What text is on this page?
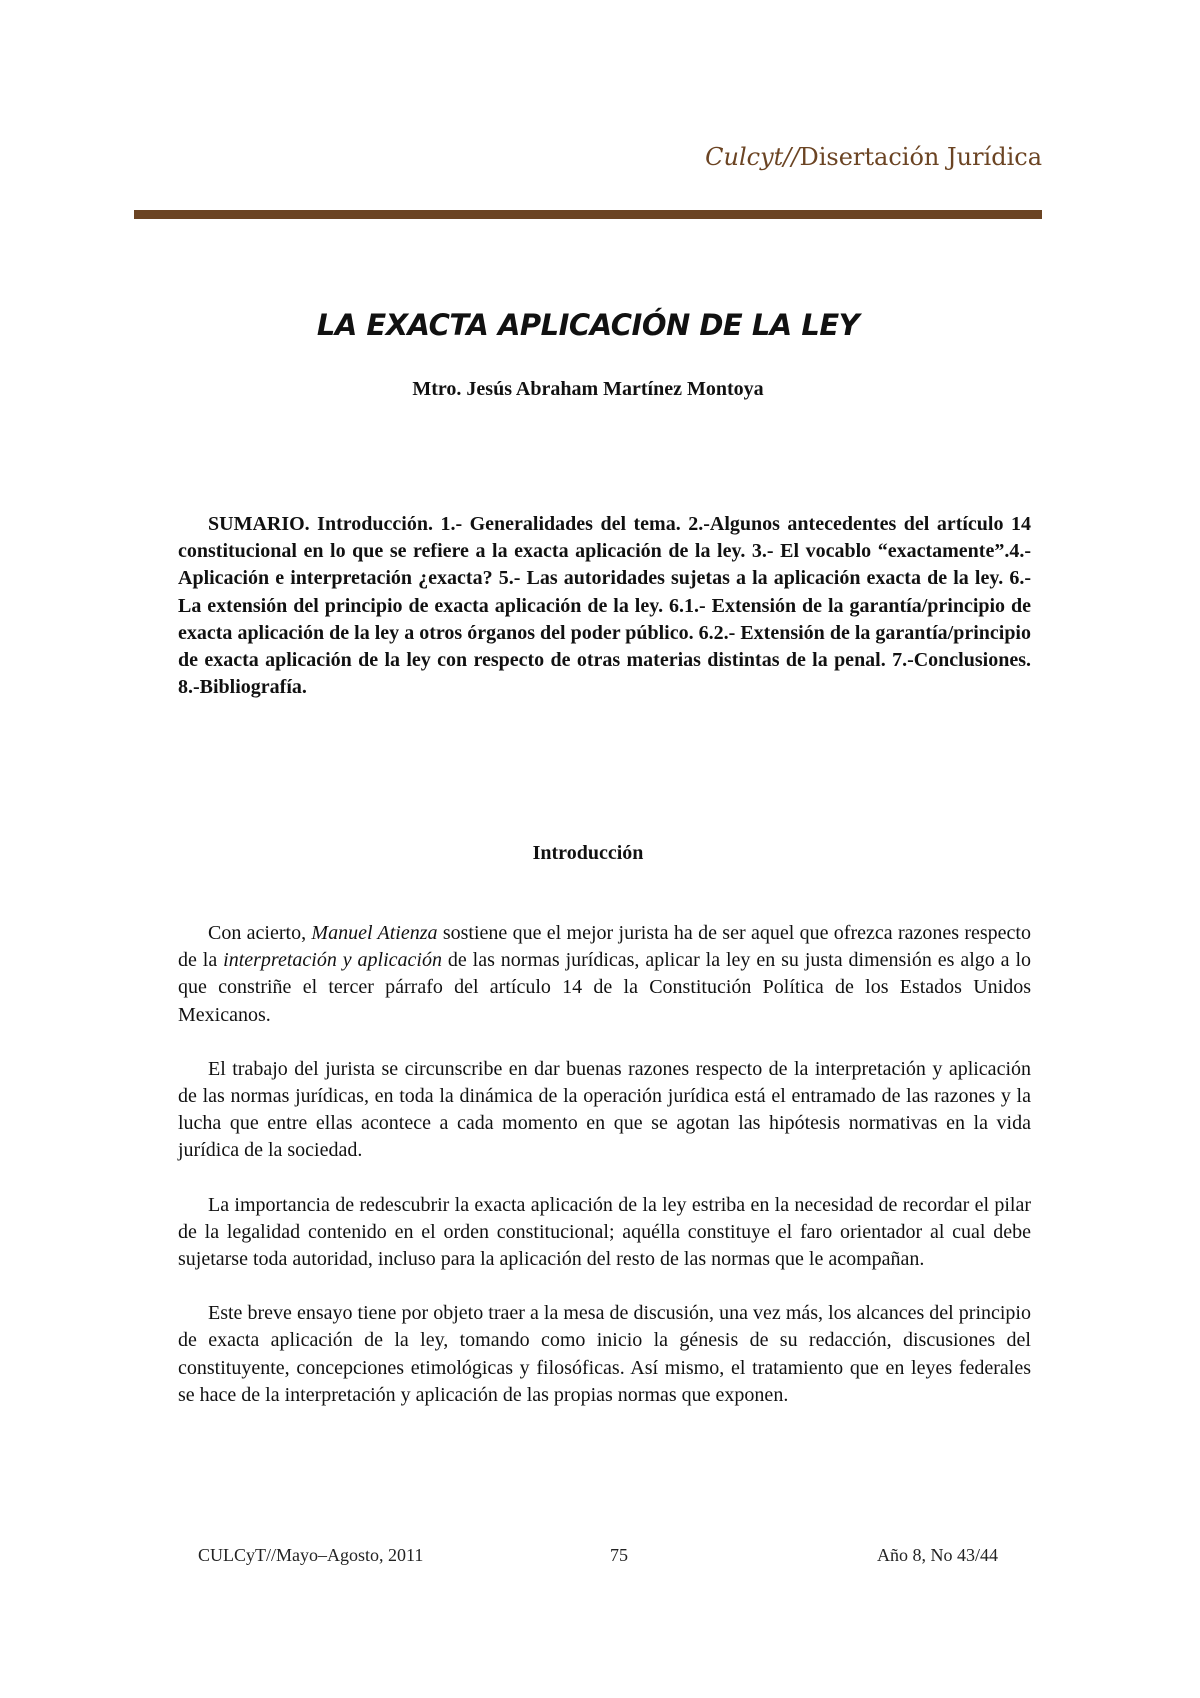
Culcyt//Disertación Jurídica
LA EXACTA APLICACIÓN DE LA LEY
Mtro. Jesús Abraham Martínez Montoya

SUMARIO. Introducción. 1.- Generalidades del tema. 2.-Algunos antecedentes del artículo 14 constitucional en lo que se refiere a la exacta aplicación de la ley. 3.- El vocablo “exactamente”.4.- Aplicación e interpretación ¿exacta? 5.- Las autoridades sujetas a la aplicación exacta de la ley. 6.- La extensión del principio de exacta aplicación de la ley. 6.1.- Extensión de la garantía/principio de exacta aplicación de la ley a otros órganos del poder público. 6.2.- Extensión de la garantía/principio de exacta aplicación de la ley con respecto de otras materias distintas de la penal. 7.-Conclusiones. 8.-Bibliografía.

Introducción

Con acierto, Manuel Atienza sostiene que el mejor jurista ha de ser aquel que ofrezca razones respecto de la interpretación y aplicación de las normas jurídicas, aplicar la ley en su justa dimensión es algo a lo que constriñe el tercer párrafo del artículo 14 de la Constitución Política de los Estados Unidos Mexicanos.

El trabajo del jurista se circunscribe en dar buenas razones respecto de la interpretación y aplicación de las normas jurídicas, en toda la dinámica de la operación jurídica está el entramado de las razones y la lucha que entre ellas acontece a cada momento en que se agotan las hipótesis normativas en la vida jurídica de la sociedad.

La importancia de redescubrir la exacta aplicación de la ley estriba en la necesidad de recordar el pilar de la legalidad contenido en el orden constitucional; aquélla constituye el faro orientador al cual debe sujetarse toda autoridad, incluso para la aplicación del resto de las normas que le acompañan.

Este breve ensayo tiene por objeto traer a la mesa de discusión, una vez más, los alcances del principio de exacta aplicación de la ley, tomando como inicio la génesis de su redacción, discusiones del constituyente, concepciones etimológicas y filosóficas. Así mismo, el tratamiento que en leyes federales se hace de la interpretación y aplicación de las propias normas que exponen.

CULCyT//Mayo–Agosto, 2011	75	Año 8, No 43/44
